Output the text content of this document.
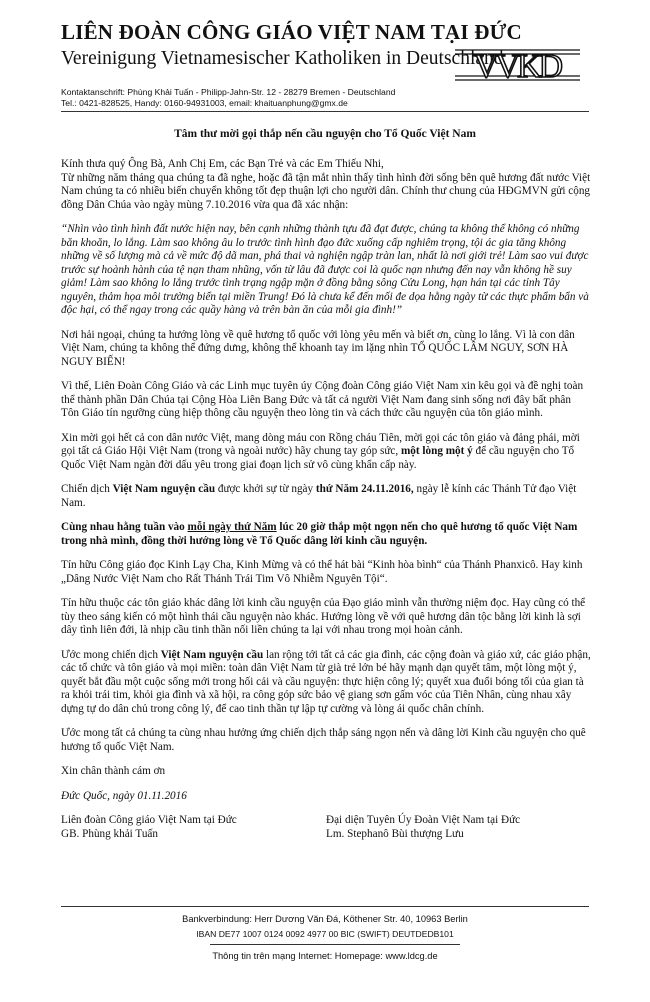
LIÊN ĐOÀN CÔNG GIÁO VIỆT NAM TẠI ĐỨC
Vereinigung Vietnamesischer Katholiken in Deutschland
VVKD
Kontaktanschrift: Phùng Khải Tuấn - Philipp-Jahn-Str. 12 - 28279 Bremen - Deutschland
Tel.: 0421-828525, Handy: 0160-94931003, email: khaituanphung@gmx.de
Tâm thư mời gọi thắp nến cầu nguyện cho Tổ Quốc Việt Nam

Kính thưa quý Ông Bà, Anh Chị Em, các Bạn Trẻ và các Em Thiếu Nhi,

Từ những năm tháng qua chúng ta đã nghe, hoặc đã tận mắt nhìn thấy tình hình đời sống bên quê hương đất nước Việt Nam chúng ta có nhiều biến chuyển không tốt đẹp thuận lợi cho người dân. Chính thư chung của HĐGMVN gửi cộng đồng Dân Chúa vào ngày mùng 7.10.2016 vừa qua đã xác nhận:

“Nhìn vào tình hình đất nước hiện nay, bên cạnh những thành tựu đã đạt được, chúng ta không thể không có những băn khoăn, lo lắng. Làm sao không âu lo trước tình hình đạo đức xuống cấp nghiêm trọng, tội ác gia tăng không những về số lượng mà cả về mức độ dã man, phá thai và nghiện ngập tràn lan, nhất là nơi giới trẻ! Làm sao vui được trước sự hoành hành của tệ nạn tham nhũng, vốn từ lâu đã được coi là quốc nạn nhưng đến nay vẫn không hề suy giảm! Làm sao không lo lắng trước tình trạng ngập mặn ở đồng bằng sông Cửu Long, hạn hán tại các tỉnh Tây nguyên, thảm họa môi trường biển tại miền Trung! Đó là chưa kể đến mối đe dọa hằng ngày từ các thực phẩm bẩn và độc hại, có thể ngay trong các quầy hàng và trên bàn ăn của mỗi gia đình!”

Nơi hải ngoại, chúng ta hướng lòng về quê hương tổ quốc với lòng yêu mến và biết ơn, cùng lo lắng. Vì là con dân Việt Nam, chúng ta không thể đứng dưng, không thể khoanh tay im lặng nhìn TỔ QUỐC LÂM NGUY, SƠN HÀ NGUY BIẾN!

Vì thế, Liên Đoàn Công Giáo và các Linh mục tuyên úy Cộng đoàn Công giáo Việt Nam xin kêu gọi và đề nghị toàn thể thành phần Dân Chúa tại Cộng Hòa Liên Bang Đức và tất cả người Việt Nam đang sinh sống nơi đây bất phân Tôn Giáo tín ngưỡng cùng hiệp thông cầu nguyện theo lòng tin và cách thức cầu nguyện của tôn giáo mình.

Xin mời gọi hết cả con dân nước Việt, mang dòng máu con Rồng cháu Tiên, mời gọi các tôn giáo và đảng phái, mời gọi tất cả Giáo Hội Việt Nam (trong và ngoài nước) hãy chung tay góp sức, một lòng một ý để cầu nguyện cho Tổ Quốc Việt Nam ngàn đời dấu yêu trong giai đoạn lịch sử vô cùng khẩn cấp này.

Chiến dịch Việt Nam nguyện cầu được khởi sự từ ngày thứ Năm 24.11.2016, ngày lễ kính các Thánh Tử đạo Việt Nam.

Cùng nhau hằng tuần vào mỗi ngày thứ Năm lúc 20 giờ thắp một ngọn nến cho quê hương tổ quốc Việt Nam trong nhà mình, đồng thời hướng lòng về Tổ Quốc dâng lời kinh cầu nguyện.

Tín hữu Công giáo đọc Kinh Lạy Cha, Kinh Mừng và có thể hát bài “Kinh hòa bình“ của Thánh Phanxicô. Hay kinh „Dâng Nước Việt Nam cho Rất Thánh Trái Tim Vô Nhiễm Nguyên Tội“.

Tín hữu thuộc các tôn giáo khác dâng lời kinh cầu nguyện của Đạo giáo mình vẫn thường niệm đọc. Hay cũng có thể tùy theo sáng kiến có một hình thái cầu nguyện nào khác. Hướng lòng về với quê hương dân tộc bằng lời kinh là sợi dây tình liên đới, là nhịp cầu tinh thần nối liền chúng ta lại với nhau trong mọi hoàn cảnh.

Ước mong chiến dịch Việt Nam nguyện cầu lan rộng tới tất cả các gia đình, các cộng đoàn và giáo xứ, các giáo phận, các tổ chức và tôn giáo và mọi miền: toàn dân Việt Nam từ già trẻ lớn bé hãy mạnh dạn quyết tâm, một lòng một ý, quyết bắt đầu một cuộc sống mới trong hối cải và cầu nguyện: thực hiện công lý; quyết xua đuổi bóng tối của gian tà ra khỏi trái tim, khỏi gia đình và xã hội, ra công góp sức bảo vệ giang sơn gấm vóc của Tiên Nhân, cùng nhau xây dựng tự do dân chủ trong công lý, để cao tinh thần tự lập tự cường và lòng ái quốc chân chính.

Ước mong tất cả chúng ta cùng nhau hưởng ứng chiến dịch thắp sáng ngọn nến và dâng lời Kinh cầu nguyện cho quê hương tổ quốc Việt Nam.

Xin chân thành cám ơn

Đức Quốc, ngày 01.11.2016

Liên đoàn Công giáo Việt Nam tại Đức
GB. Phùng khải Tuấn
Đại diện Tuyên Úy Đoàn Việt Nam tại Đức
Lm. Stephanô Bùi thượng Lưu
Bankverbindung: Herr Dương Văn Đá, Köthener Str. 40, 10963 Berlin
IBAN DE77 1007 0124 0092 4977 00 BIC (SWIFT) DEUTDEDB101
Thông tin trên mạng Internet: Homepage: www.ldcg.de
